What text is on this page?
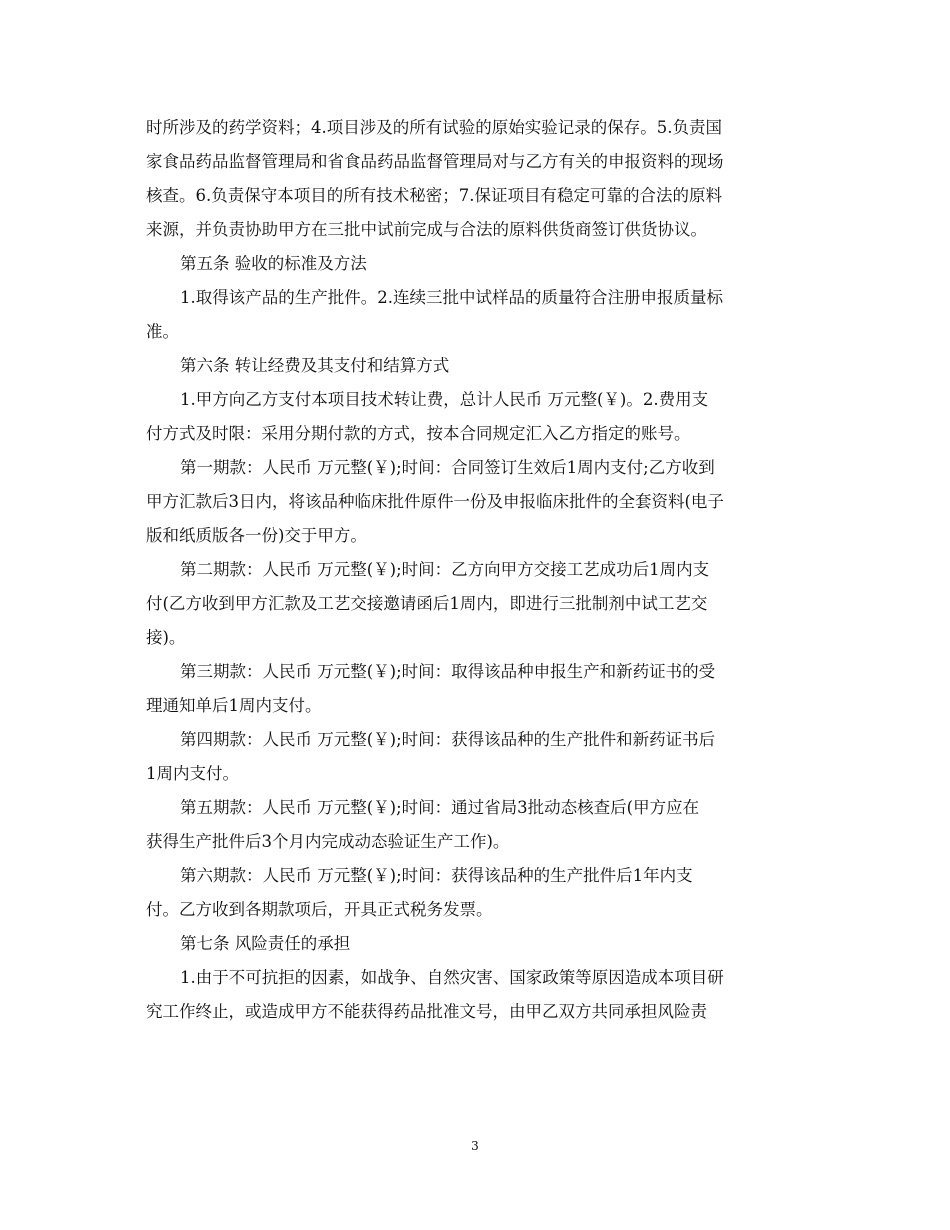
时所涉及的药学资料；4.项目涉及的所有试验的原始实验记录的保存。5.负责国
家食品药品监督管理局和省食品药品监督管理局对与乙方有关的申报资料的现场
核查。6.负责保守本项目的所有技术秘密；7.保证项目有稳定可靠的合法的原料
来源，并负责协助甲方在三批中试前完成与合法的原料供货商签订供货协议。
第五条 验收的标准及方法
1.取得该产品的生产批件。2.连续三批中试样品的质量符合注册申报质量标
准。
第六条 转让经费及其支付和结算方式
1.甲方向乙方支付本项目技术转让费，总计人民币 万元整(￥)。2.费用支
付方式及时限：采用分期付款的方式，按本合同规定汇入乙方指定的账号。
第一期款：人民币 万元整(￥);时间：合同签订生效后1周内支付;乙方收到
甲方汇款后3日内，将该品种临床批件原件一份及申报临床批件的全套资料(电子
版和纸质版各一份)交于甲方。
第二期款：人民币 万元整(￥);时间：乙方向甲方交接工艺成功后1周内支
付(乙方收到甲方汇款及工艺交接邀请函后1周内，即进行三批制剂中试工艺交
接)。
第三期款：人民币 万元整(￥);时间：取得该品种申报生产和新药证书的受
理通知单后1周内支付。
第四期款：人民币 万元整(￥);时间：获得该品种的生产批件和新药证书后
1周内支付。
第五期款：人民币 万元整(￥);时间：通过省局3批动态核查后(甲方应在
获得生产批件后3个月内完成动态验证生产工作)。
第六期款：人民币 万元整(￥);时间：获得该品种的生产批件后1年内支
付。乙方收到各期款项后，开具正式税务发票。
第七条 风险责任的承担
1.由于不可抗拒的因素，如战争、自然灾害、国家政策等原因造成本项目研
究工作终止，或造成甲方不能获得药品批准文号，由甲乙双方共同承担风险责
3
